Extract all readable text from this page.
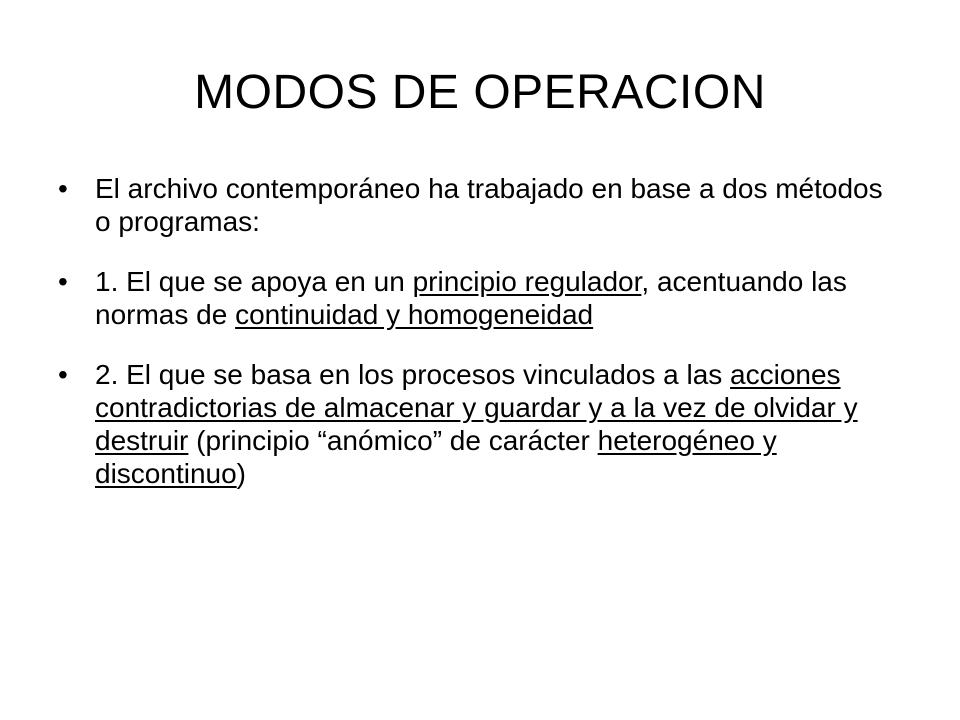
MODOS DE OPERACION
• El archivo contemporáneo ha trabajado en base a dos métodos o programas:
• 1. El que se apoya en un principio regulador, acentuando las normas de continuidad y homogeneidad
• 2. El que se basa en los procesos vinculados a las acciones contradictorias de almacenar y guardar y a la vez de olvidar y destruir (principio “anómico” de carácter heterogéneo y discontinuo)
